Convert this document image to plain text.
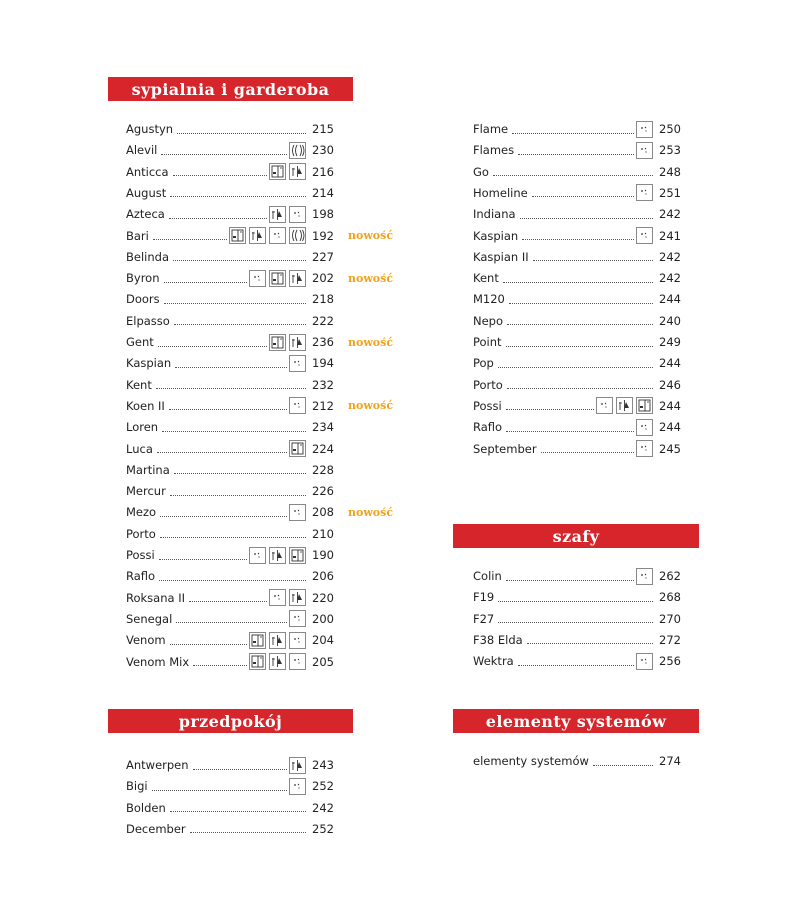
sypialnia i garderoba
szafy
przedpokój	elementy systemów
Agustyn	215
Alevil	230
Anticca	216
August	214
Azteca	198
Bari	192 nowość
Belinda	227
Byron	202 nowość
Doors	218
Elpasso	222
Gent	236 nowość
Kaspian	194
Kent	232
Koen II	212 nowość
Loren	234
Luca	224
Martina	228
Mercur	226
Mezo	208 nowość
Porto	210
Possi	190
Raflo	206
Roksana II	220
Senegal	200
Venom	204
Venom Mix	205
Flame	250
Flames	253
Go	248
Homeline	251
Indiana	242
Kaspian	241
Kaspian II	242
Kent	242
M120	244
Nepo	240
Point	249
Pop	244
Porto	246
Possi	244
Raflo	244
September	245
Colin	262
F19	268
F27	270
F38 Elda	272
Wektra	256
Antwerpen	243
Bigi	252
Bolden	242
December	252
elementy systemów	274
